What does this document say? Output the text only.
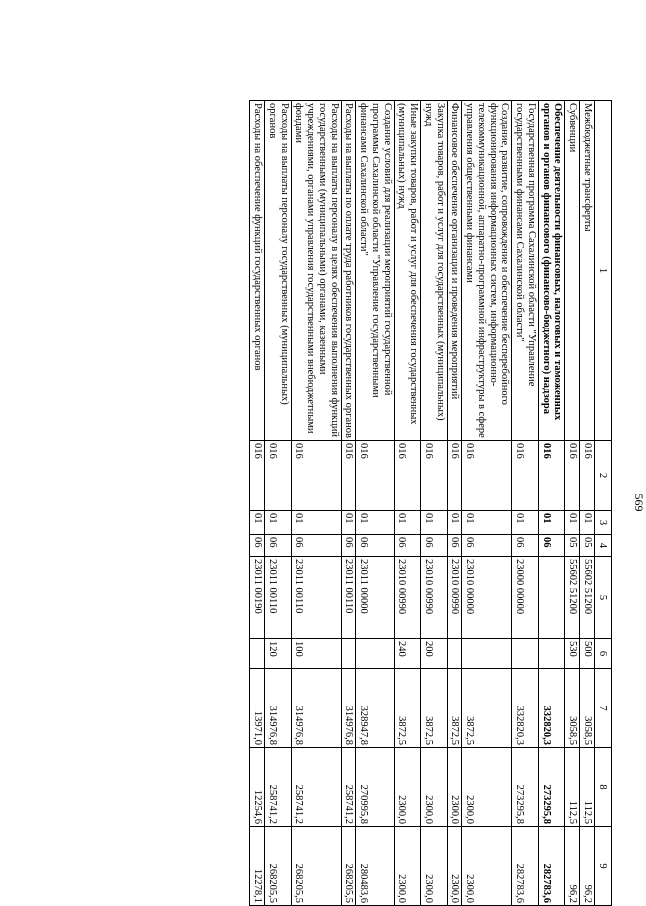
569
1	2	3	4	5	6	7	8	9
Межбюджетные трансферты	016	01	05	55602 51200	500	3058,5	112,5	96,2
Субвенции	016	01	05	55602 51200	530	3058,5	112,5	96,2
Обеспечение деятельности финансовых, налоговых и таможенных органов и органов финансового (финансово-бюджетного) надзора	016	01	06			332820,3	273295,8	282783,6
Государственная программа Сахалинской области "Управление государственными финансами Сахалинской области"	016	01	06	23000 00000		332820,3	273295,8	282783,6
Создание, развитие, сопровождение и обеспечение бесперебойного функционирования информационных систем, информационно-телекоммуникационной, аппаратно-программной инфраструктуры в сфере управления общественными финансами	016	01	06	23010 00000		3872,5	2300,0	2300,0
Финансовое обеспечение организации и проведения мероприятий	016	01	06	23010 00990		3872,5	2300,0	2300,0
Закупка товаров, работ и услуг для государственных (муниципальных) нужд	016	01	06	23010 00990	200	3872,5	2300,0	2300,0
Иные закупки товаров, работ и услуг для обеспечения государственных (муниципальных) нужд	016	01	06	23010 00990	240	3872,5	2300,0	2300,0
Создание условий для реализации мероприятий государственной программы Сахалинской области "Управление государственными финансами Сахалинской области"	016	01	06	23011 00000		328947,8	270995,8	280483,6
Расходы на выплаты по оплате труда работников государственных органов	016	01	06	23011 00110		314976,8	258741,2	268205,5
Расходы на выплаты персоналу в целях обеспечения выполнения функций государственными (муниципальными) органами, казенными учреждениями, органами управления государственными внебюджетными фондами	016	01	06	23011 00110	100	314976,8	258741,2	268205,5
Расходы на выплаты персоналу государственных (муниципальных) органов	016	01	06	23011 00110	120	314976,8	258741,2	268205,5
Расходы на обеспечение функций государственных органов	016	01	06	23011 00190		13971,0	12254,6	12278,1
